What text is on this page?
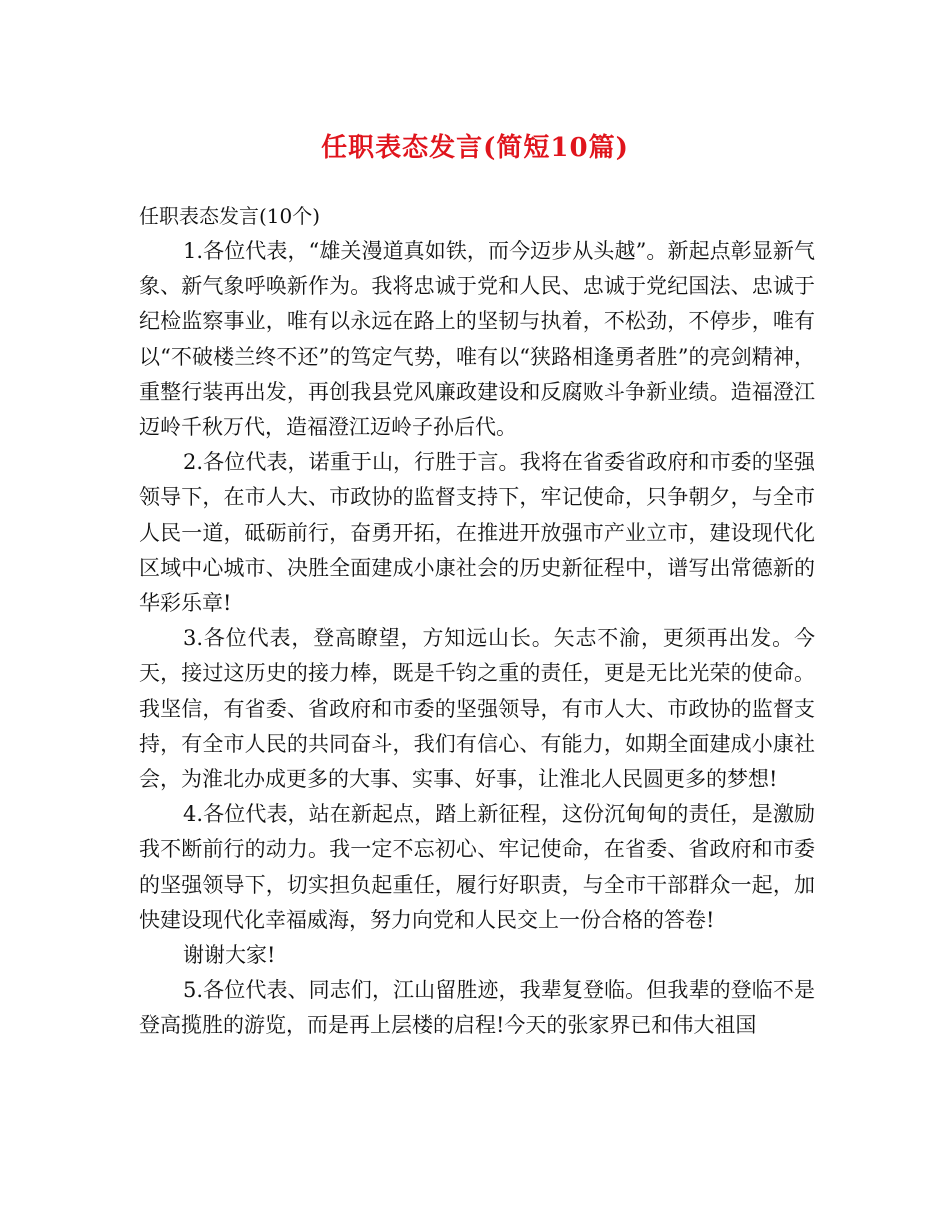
任职表态发言(简短10篇)

任职表态发言(10个)

1.各位代表，“雄关漫道真如铁，而今迈步从头越”。新起点彰显新气象、新气象呼唤新作为。我将忠诚于党和人民、忠诚于党纪国法、忠诚于纪检监察事业，唯有以永远在路上的坚韧与执着，不松劲，不停步，唯有以“不破楼兰终不还”的笃定气势，唯有以“狭路相逢勇者胜”的亮剑精神，重整行装再出发，再创我县党风廉政建设和反腐败斗争新业绩。造福澄江迈岭千秋万代，造福澄江迈岭子孙后代。

2.各位代表，诺重于山，行胜于言。我将在省委省政府和市委的坚强领导下，在市人大、市政协的监督支持下，牢记使命，只争朝夕，与全市人民一道，砥砺前行，奋勇开拓，在推进开放强市产业立市，建设现代化区域中心城市、决胜全面建成小康社会的历史新征程中，谱写出常德新的华彩乐章!

3.各位代表，登高瞭望，方知远山长。矢志不渝，更须再出发。今天，接过这历史的接力棒，既是千钧之重的责任，更是无比光荣的使命。我坚信，有省委、省政府和市委的坚强领导，有市人大、市政协的监督支持，有全市人民的共同奋斗，我们有信心、有能力，如期全面建成小康社会，为淮北办成更多的大事、实事、好事，让淮北人民圆更多的梦想!

4.各位代表，站在新起点，踏上新征程，这份沉甸甸的责任，是激励我不断前行的动力。我一定不忘初心、牢记使命，在省委、省政府和市委的坚强领导下，切实担负起重任，履行好职责，与全市干部群众一起，加快建设现代化幸福威海，努力向党和人民交上一份合格的答卷!

谢谢大家!

5.各位代表、同志们，江山留胜迹，我辈复登临。但我辈的登临不是登高揽胜的游览，而是再上层楼的启程!今天的张家界已和伟大祖国
